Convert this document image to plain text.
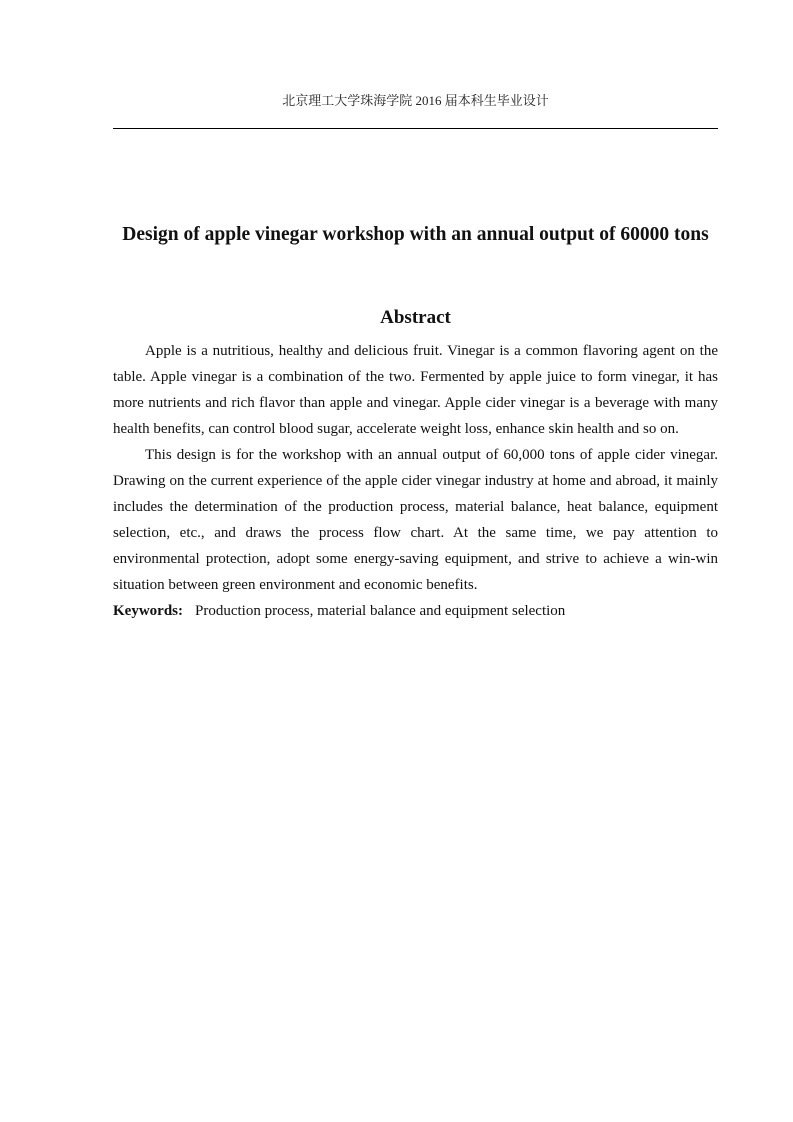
北京理工大学珠海学院 2016 届本科生毕业设计
Design of apple vinegar workshop with an annual output of 60000 tons
Abstract

Apple is a nutritious, healthy and delicious fruit. Vinegar is a common flavoring agent on the table. Apple vinegar is a combination of the two. Fermented by apple juice to form vinegar, it has more nutrients and rich flavor than apple and vinegar. Apple cider vinegar is a beverage with many health benefits, can control blood sugar, accelerate weight loss, enhance skin health and so on.

This design is for the workshop with an annual output of 60,000 tons of apple cider vinegar. Drawing on the current experience of the apple cider vinegar industry at home and abroad, it mainly includes the determination of the production process, material balance, heat balance, equipment selection, etc., and draws the process flow chart. At the same time, we pay attention to environmental protection, adopt some energy-saving equipment, and strive to achieve a win-win situation between green environment and economic benefits.

Keywords: Production process, material balance and equipment selection
